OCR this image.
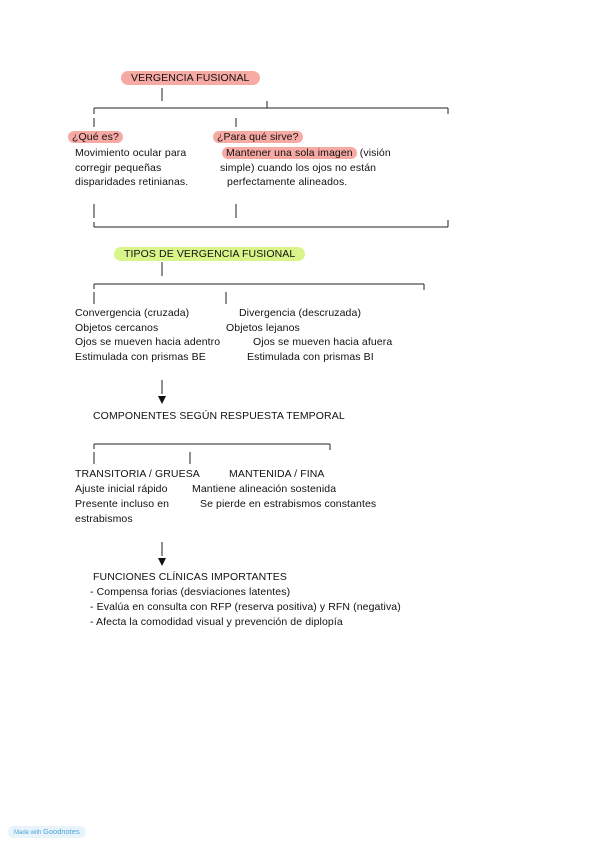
VERGENCIA FUSIONAL
¿Qué es?
Movimiento ocular para
corregir pequeñas
disparidades retinianas.
¿Para qué sirve?
Mantener una sola imagen (visión
simple) cuando los ojos no están
perfectamente alineados.
TIPOS DE VERGENCIA FUSIONAL
Convergencia (cruzada)
Objetos cercanos
Ojos se mueven hacia adentro
Estimulada con prismas BE
Divergencia (descruzada)
Objetos lejanos
Ojos se mueven hacia afuera
Estimulada con prismas BI
COMPONENTES SEGÚN RESPUESTA TEMPORAL
TRANSITORIA / GRUESA
Ajuste inicial rápido
Presente incluso en
estrabismos
MANTENIDA / FINA
Mantiene alineación sostenida
Se pierde en estrabismos constantes
FUNCIONES CLÍNICAS IMPORTANTES
- Compensa forias (desviaciones latentes)
- Evalúa en consulta con RFP (reserva positiva) y RFN (negativa)
- Afecta la comodidad visual y prevención de diplopía
Made with Goodnotes
